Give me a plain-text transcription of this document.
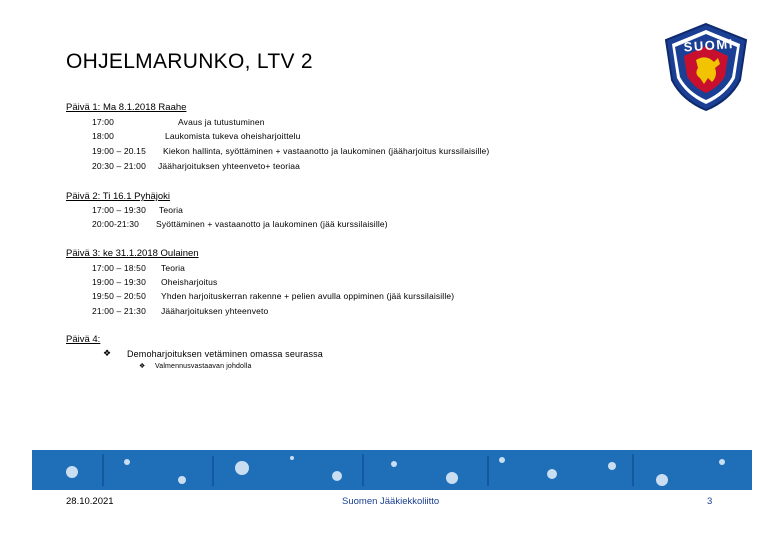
OHJELMARUNKO, LTV 2
SUOMI
Päivä 1: Ma 8.1.2018 Raahe
17:00	Avaus ja tutustuminen
18:00	Laukomista tukeva oheisharjoittelu
19:00 – 20.15 Kiekon hallinta, syöttäminen + vastaanotto ja laukominen (jääharjoitus kurssilaisille)
20:30 – 21:00 Jääharjoituksen yhteenveto+ teoriaa
Päivä 2: Ti 16.1 Pyhäjoki
17:00 – 19:30 Teoria
20:00-21:30 Syöttäminen + vastaanotto ja laukominen (jää kurssilaisille)
Päivä 3: ke 31.1.2018 Oulainen
17:00 – 18:50 Teoria
19:00 – 19:30 Oheisharjoitus
19:50 – 20:50 Yhden harjoituskerran rakenne + pelien avulla oppiminen (jää kurssilaisille)
21:00 – 21:30 Jääharjoituksen yhteenveto
Päivä 4:
❖ Demoharjoituksen vetäminen omassa seurassa
❖ Valmennusvastaavan johdolla
28.10.2021	Suomen Jääkiekkoliitto	3
